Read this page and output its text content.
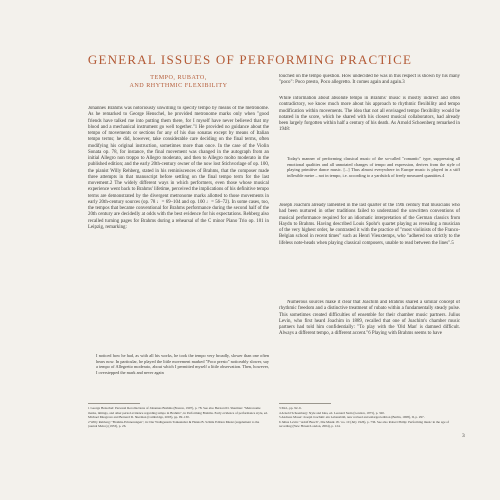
GENERAL ISSUES OF PERFORMING PRACTICE
TEMPO, RUBATO,
AND RHYTHMIC FLEXIBILITY

Johannes Brahms was notoriously unwilling to specify tempo by means of the metronome. As he remarked to George Henschel, he provided metronome marks only when "good friends have talked me into putting them there, for I myself have never believed that my blood and a mechanical instrument go well together."1 He provided no guidance about the tempo of movements or sections for any of his duo sonatas except by means of Italian tempo terms; he did, however, take considerable care deciding on the final terms, often modifying his original instruction, sometimes more than once. In the case of the Violin Sonata op. 78, for instance, the final movement was changed in the autograph from an initial Allegro non troppo to Allegro moderato, and then to Allegro molto moderato in the published edition; and the early 20th-century owner of the now lost Stichvorlage of op. 100, the pianist Willy Rehberg, stated in his reminiscences of Brahms, that the composer made three attempts in that manuscript before settling on the final tempo term for the last movement.2 The widely different ways in which performers, even those whose musical experience went back to Brahms' lifetime, perceived the implications of his definitive tempo terms are demonstrated by the divergent metronome marks allotted to those movements in early 20th-century sources (op. 78 ♩= 69–104 and op. 100 ♩= 56–72). In some cases, too, the tempos that became conventional for Brahms performance during the second half of the 20th century are decidedly at odds with the best evidence for his expectations. Rehberg also recalled turning pages for Brahms during a rehearsal of the C minor Piano Trio op. 101 in Leipzig, remarking:

I noticed how he had, as with all his works, he took the tempo very broadly, slower than one often hears now. In particular, he played the little movement marked "Poco presto" noticeably slower, say a tempo of Allegretto moderato, about which I permitted myself a little observation. Then, however, I overstepped the mark and never again

touched on the tempo question. How undecided he was in this respect is shown by his many "poco": Poco presto, Poco allegretto. It comes again and again.3

While information about absolute tempo in Brahms' music is mostly indirect and often contradictory, we know much more about his approach to rhythmic flexibility and tempo modification within movements. The idea that not all envisaged tempo flexibility would be notated in the score, which he shared with his closest musical collaborators, had already been largely forgotten within half a century of his death. As Arnold Schoenberg remarked in 1948:

Today's manner of performing classical music of the so-called "romantic" type, suppressing all emotional qualities and all unnotated changes of tempo and expression, derives from the style of playing primitive dance music. [...] Thus almost everywhere in Europe music is played in a stiff inflexible metre – not in tempo, i.e. according to a yardstick of freely measured quantities.4

Joseph Joachim already lamented in the last quarter of the 19th century that musicians who had been nurtured in other traditions failed to understand the unwritten conventions of musical performance required for an idiomatic interpretation of the German classics from Haydn to Brahms. Having described Louis Spohr's quartet playing as revealing a musician of the very highest order, he contrasted it with the practice of "most violinists of the Franco-Belgian school in recent times" such as Henri Vieuxtemps, who "adhered too strictly to the lifeless note-heads when playing classical composers, unable to read between the lines".5

Numerous sources make it clear that Joachim and Brahms shared a similar concept of rhythmic freedom and a distinctive treatment of rubato within a fundamentally steady pulse. This sometimes created difficulties of ensemble for their chamber music partners. Julius Levin, who first heard Joachim in 1889, recalled that one of Joachim's chamber music partners had told him confidentially: "To play with the 'Old Man' is damned difficult. Always a different tempo, a different accent."6 Playing with Brahms seems to have

1 George Henschel: Personal Recollections of Johannes Brahms (Boston, 1907), p. 78. See also Bernard D. Sherman: "Metronome marks, timings, and other period evidence regarding tempo in Brahms", in Performing Brahms. Early evidence of performance style, ed. Michael Musgrave and Bernard D. Sherman (Cambridge, 2003), pp. 99–130.

2 Willy Rehberg: "Brahms-Erinnerungen", in: Der Wolhgestein Tonkunstler & Hanns B. Schüle Edition Musiz (supplement to the journal Melos) (1933), p. 26.

3 Ibid., pp. 92–6.

4 Arnold Schoenberg: Style and Idea, ed. Leonard Stein (London, 1975), p. 320.

5 Andreas Moser: Joseph Joachim: ein Lebensbild, new revised and enlarged edition (Berlin, 1908), II, p. 297.

6 Julius Levin: "Adolf Busch", Die Musik 18 / no. 10 (July 1926), p. 736. See also Robert Philip: Performing music in the age of recording (New Haven/London, 2004), p. 124.

3
